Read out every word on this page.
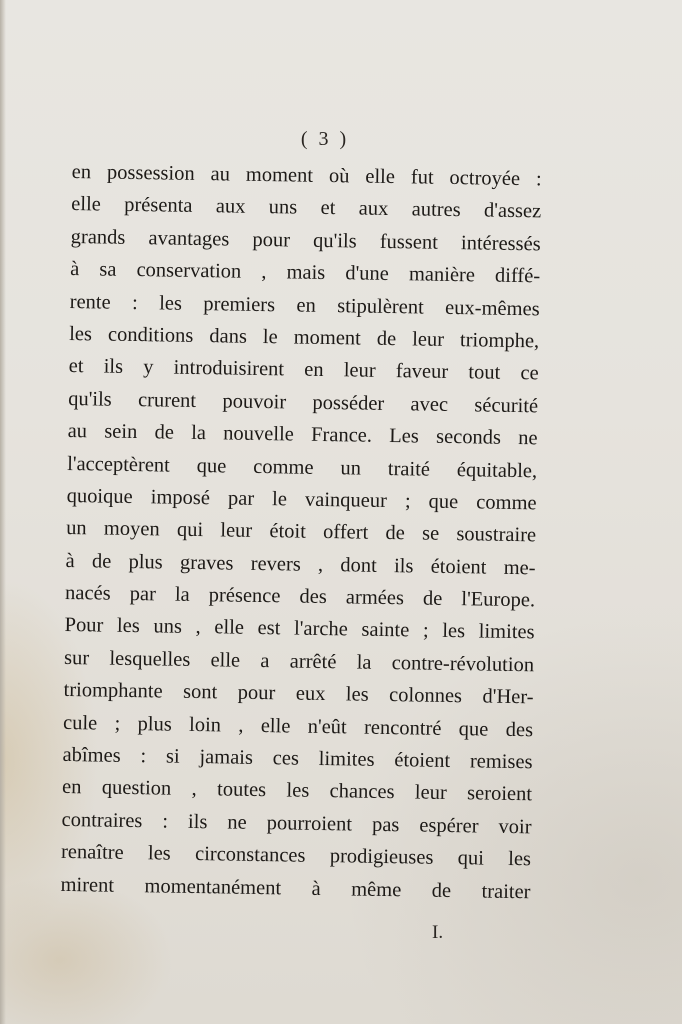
( 3 )
en possession au moment où elle fut octroyée :
elle présenta aux uns et aux autres d'assez
grands avantages pour qu'ils fussent intéressés
à sa conservation , mais d'une manière diffé-
rente : les premiers en stipulèrent eux-mêmes
les conditions dans le moment de leur triomphe,
et ils y introduisirent en leur faveur tout ce
qu'ils crurent pouvoir posséder avec sécurité
au sein de la nouvelle France. Les seconds ne
l'acceptèrent que comme un traité équitable,
quoique imposé par le vainqueur ; que comme
un moyen qui leur étoit offert de se soustraire
à de plus graves revers , dont ils étoient me-
nacés par la présence des armées de l'Europe.
Pour les uns , elle est l'arche sainte ; les limites
sur lesquelles elle a arrêté la contre-révolution
triomphante sont pour eux les colonnes d'Her-
cule ; plus loin , elle n'eût rencontré que des
abîmes : si jamais ces limites étoient remises
en question , toutes les chances leur seroient
contraires : ils ne pourroient pas espérer voir
renaître les circonstances prodigieuses qui les
mirent momentanément à même de traiter
I.
